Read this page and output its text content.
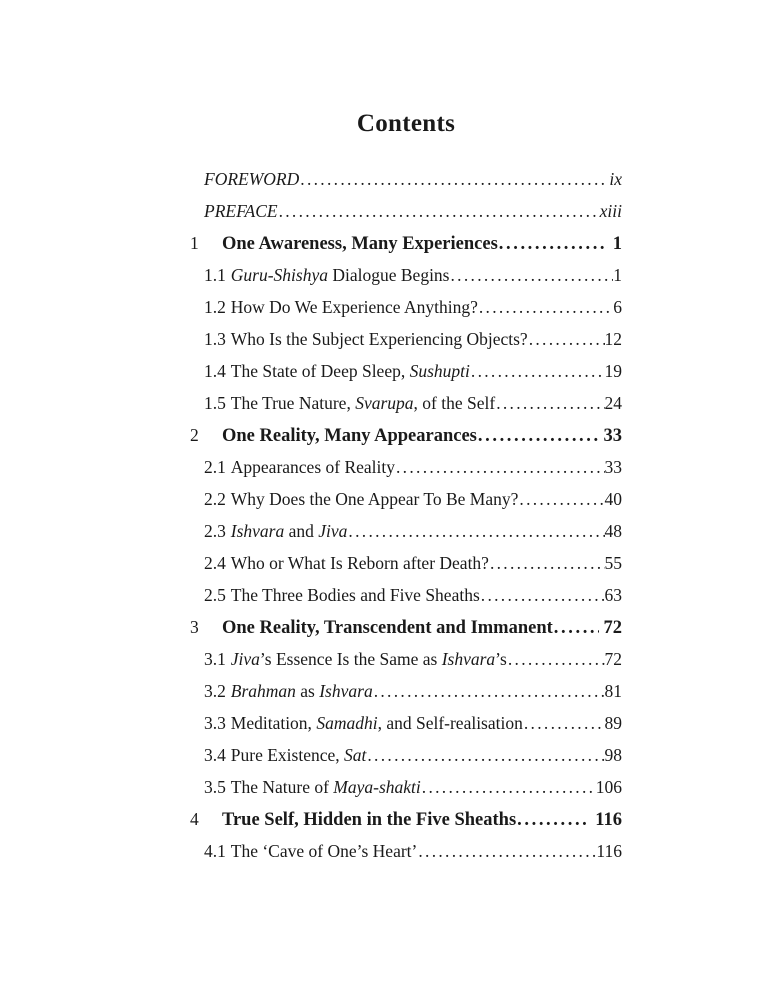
Contents
FOREWORD .....	ix
PREFACE .....	xiii
1	One Awareness, Many Experiences .....	1
1.1 Guru-Shishya Dialogue Begins .....	1
1.2 How Do We Experience Anything? .....	6
1.3 Who Is the Subject Experiencing Objects? .....	12
1.4 The State of Deep Sleep, Sushupti .....	19
1.5 The True Nature, Svarupa, of the Self .....	24
2	One Reality, Many Appearances .....	33
2.1 Appearances of Reality .....	33
2.2 Why Does the One Appear To Be Many? .....	40
2.3 Ishvara and Jiva .....	48
2.4 Who or What Is Reborn after Death? .....	55
2.5 The Three Bodies and Five Sheaths .....	63
3	One Reality, Transcendent and Immanent .....	72
3.1 Jiva’s Essence Is the Same as Ishvara’s .....	72
3.2 Brahman as Ishvara .....	81
3.3 Meditation, Samadhi, and Self-realisation .....	89
3.4 Pure Existence, Sat .....	98
3.5 The Nature of Maya-shakti .....	106
4	True Self, Hidden in the Five Sheaths .....	116
4.1 The ‘Cave of One’s Heart’ .....	116
